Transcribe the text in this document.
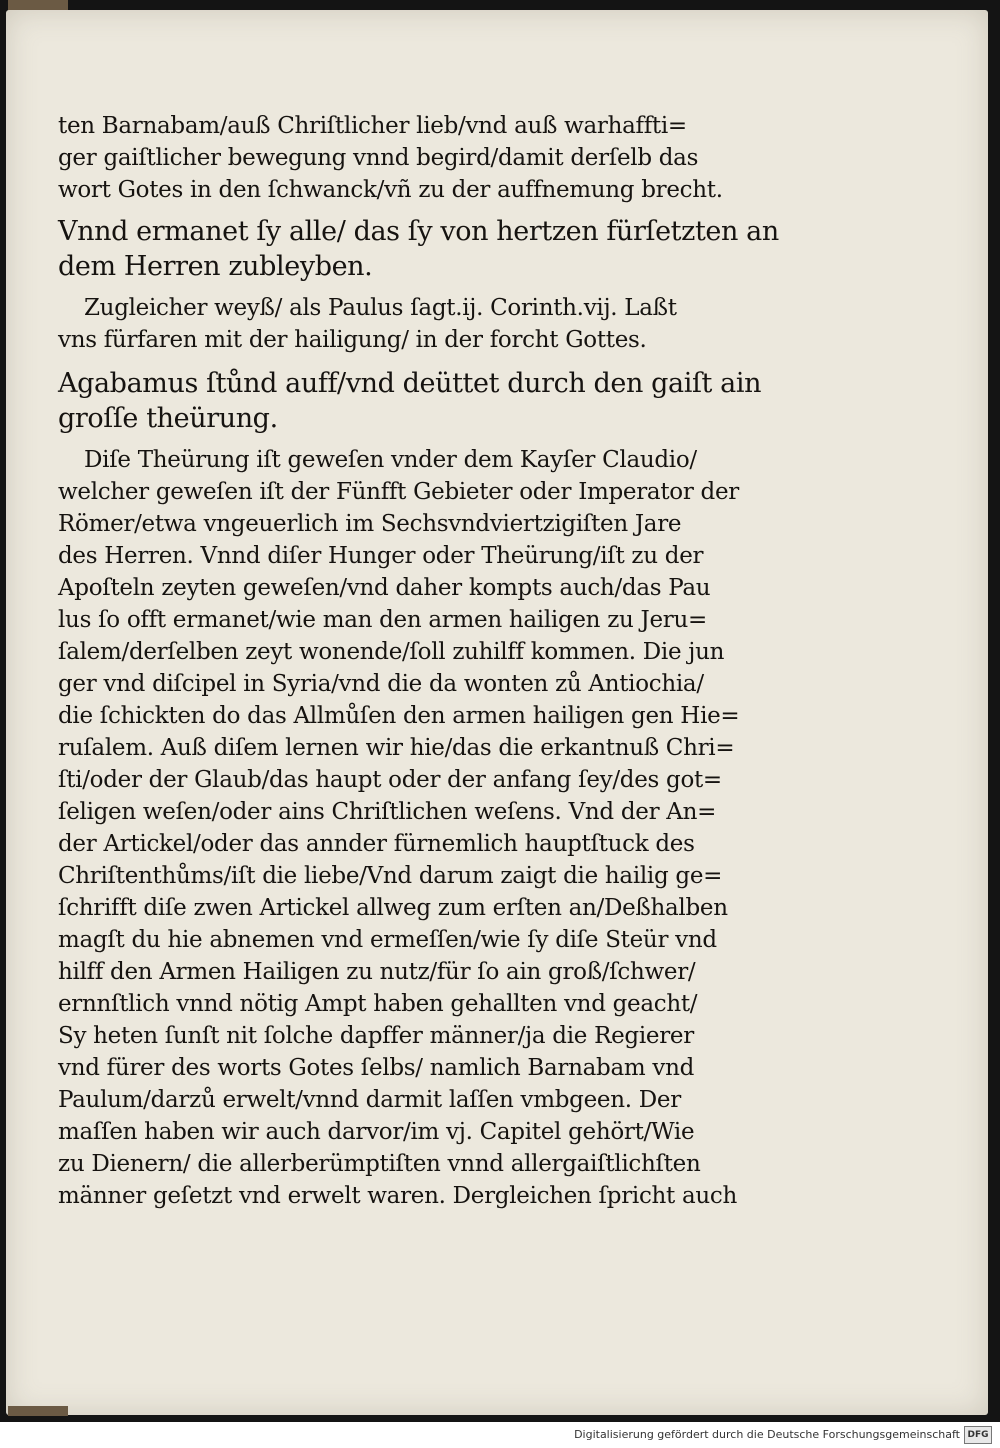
ten Barnabam/auß Chriſtlicher lieb/vnd auß warhaffti=
ger gaiſtlicher bewegung vnnd begird/damit derſelb das
wort Gotes in den ſchwanck/vñ zu der auffnemung brecht.
Vnnd ermanet ſy alle/ das ſy von hertzen fürſetzten an
dem Herren zubleyben.
Zugleicher weyß/ als Paulus ſagt.ij. Corinth.vij. Laßt
vns fürfaren mit der hailigung/ in der forcht Gottes.
Agabamus ſtůnd auff/vnd deüttet durch den gaiſt ain
groſſe theürung.
Diſe Theürung iſt geweſen vnder dem Kayſer Claudio/
welcher geweſen iſt der Fünfft Gebieter oder Imperator der
Römer/etwa vngeuerlich im Sechsvndviertzigiſten Jare
des Herren. Vnnd diſer Hunger oder Theürung/iſt zu der
Apoſteln zeyten geweſen/vnd daher kompts auch/das Pau
lus ſo offt ermanet/wie man den armen hailigen zu Jeru=
ſalem/derſelben zeyt wonende/ſoll zuhilff kommen. Die jun
ger vnd diſcipel in Syria/vnd die da wonten zů Antiochia/
die ſchickten do das Allmůſen den armen hailigen gen Hie=
ruſalem. Auß diſem lernen wir hie/das die erkantnuß Chri=
ſti/oder der Glaub/das haupt oder der anfang ſey/des got=
ſeligen weſen/oder ains Chriſtlichen weſens. Vnd der An=
der Artickel/oder das annder fürnemlich hauptſtuck des
Chriſtenthůms/iſt die liebe/Vnd darum zaigt die hailig ge=
ſchrifft diſe zwen Artickel allweg zum erſten an/Deßhalben
magſt du hie abnemen vnd ermeſſen/wie ſy diſe Steür vnd
hilff den Armen Hailigen zu nutz/für ſo ain groß/ſchwer/
ernnſtlich vnnd nötig Ampt haben gehallten vnd geacht/
Sy heten ſunſt nit ſolche dapffer männer/ja die Regierer
vnd fürer des worts Gotes ſelbs/ namlich Barnabam vnd
Paulum/darzů erwelt/vnnd darmit laſſen vmbgeen. Der
maſſen haben wir auch darvor/im vj. Capitel gehört/Wie
zu Dienern/ die allerberümptiſten vnnd allergaiſtlichſten
männer geſetzt vnd erwelt waren. Dergleichen ſpricht auch
Digitalisierung gefördert durch die Deutsche Forschungsgemeinschaft DFG
